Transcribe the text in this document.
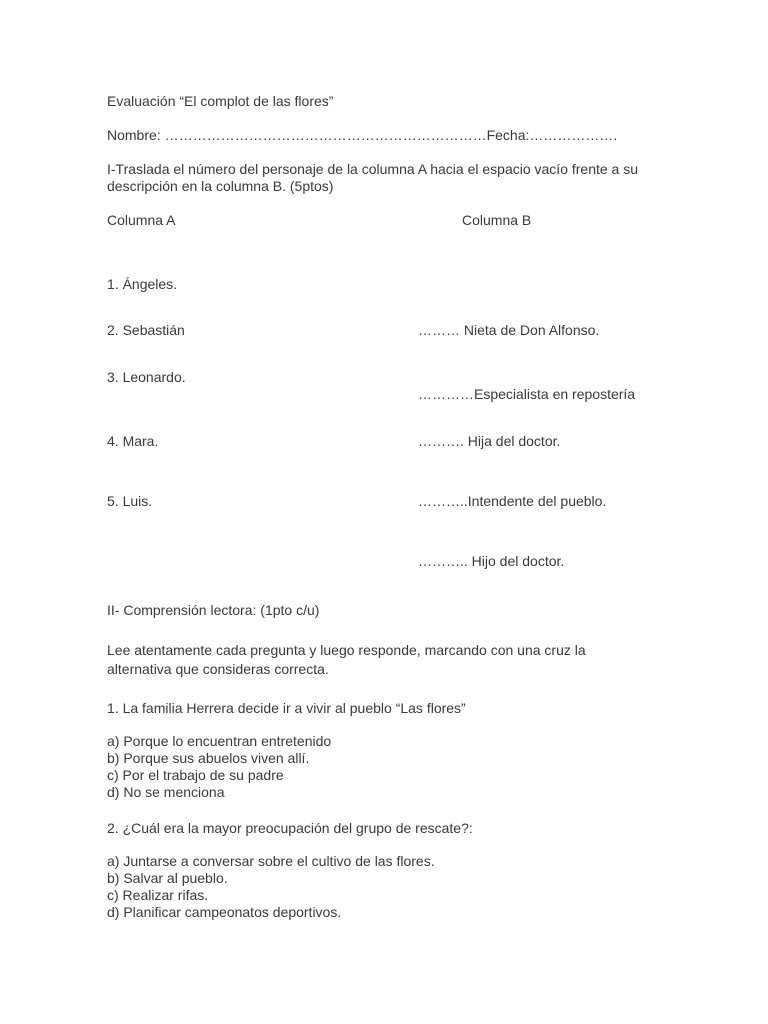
Evaluación “El complot de las flores”
Nombre: ……………………………………………………………Fecha:……………….
I-Traslada el número del personaje de la columna A hacia el espacio vacío frente a su
descripción en la columna B. (5ptos)
Columna A	Columna B
1. Ángeles.
2. Sebastián
3. Leonardo.
4. Mara.
5. Luis.
……… Nieta de Don Alfonso.
…………Especialista en repostería
………. Hija del doctor.
………..Intendente del pueblo.
……….. Hijo del doctor.
II- Comprensión lectora: (1pto c/u)
Lee atentamente cada pregunta y luego responde, marcando con una cruz la
alternativa que consideras correcta.
1. La familia Herrera decide ir a vivir al pueblo “Las flores”
a) Porque lo encuentran entretenido
b) Porque sus abuelos viven allí.
c) Por el trabajo de su padre
d) No se menciona
2. ¿Cuál era la mayor preocupación del grupo de rescate?:
a) Juntarse a conversar sobre el cultivo de las flores.
b) Salvar al pueblo.
c) Realizar rifas.
d) Planificar campeonatos deportivos.
